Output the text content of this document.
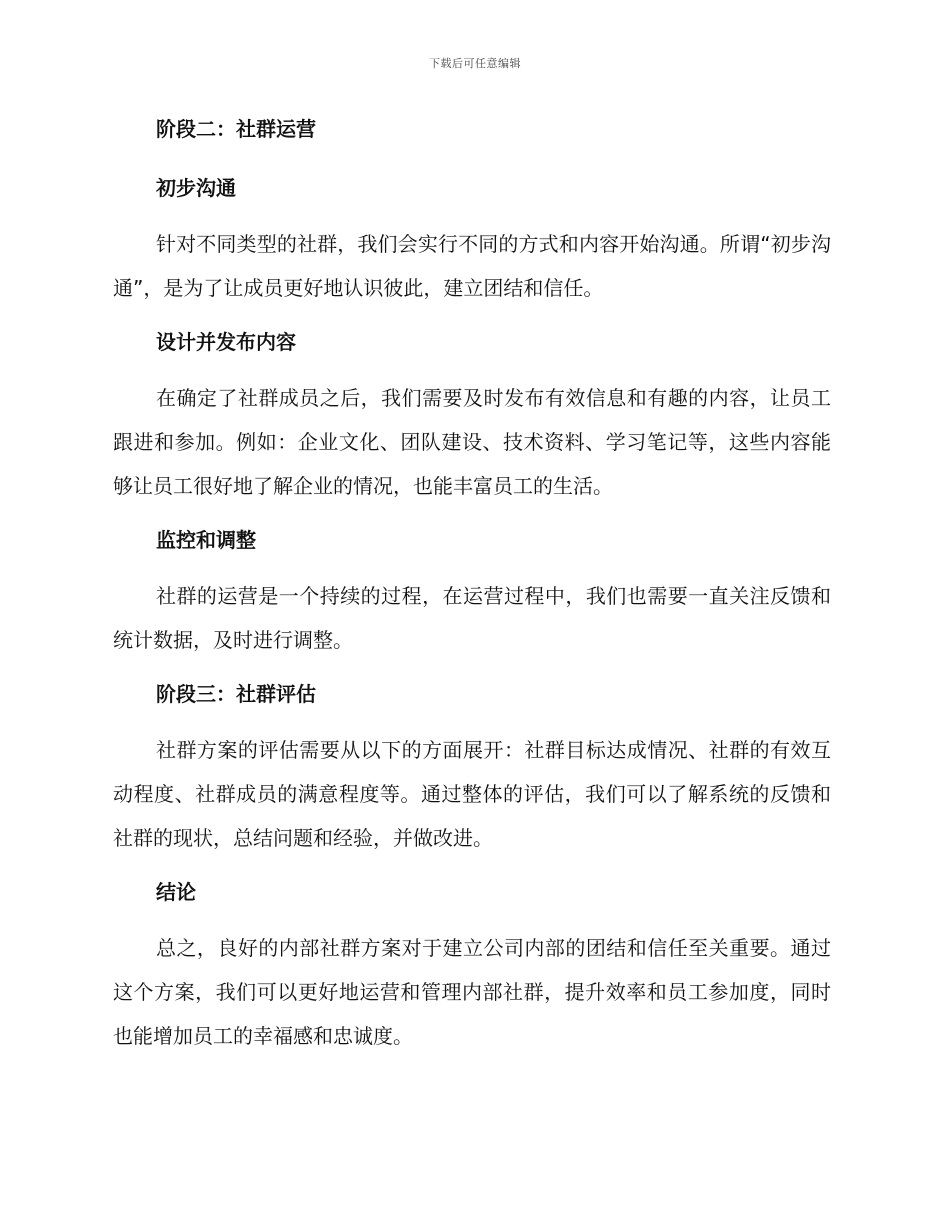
下载后可任意编辑
阶段二：社群运营
初步沟通

针对不同类型的社群，我们会实行不同的方式和内容开始沟通。所谓“初步沟通”，是为了让成员更好地认识彼此，建立团结和信任。

设计并发布内容

在确定了社群成员之后，我们需要及时发布有效信息和有趣的内容，让员工跟进和参加。例如：企业文化、团队建设、技术资料、学习笔记等，这些内容能够让员工很好地了解企业的情况，也能丰富员工的生活。

监控和调整

社群的运营是一个持续的过程，在运营过程中，我们也需要一直关注反馈和统计数据，及时进行调整。

阶段三：社群评估

社群方案的评估需要从以下的方面展开：社群目标达成情况、社群的有效互动程度、社群成员的满意程度等。通过整体的评估，我们可以了解系统的反馈和社群的现状，总结问题和经验，并做改进。

结论

总之，良好的内部社群方案对于建立公司内部的团结和信任至关重要。通过这个方案，我们可以更好地运营和管理内部社群，提升效率和员工参加度，同时也能增加员工的幸福感和忠诚度。
